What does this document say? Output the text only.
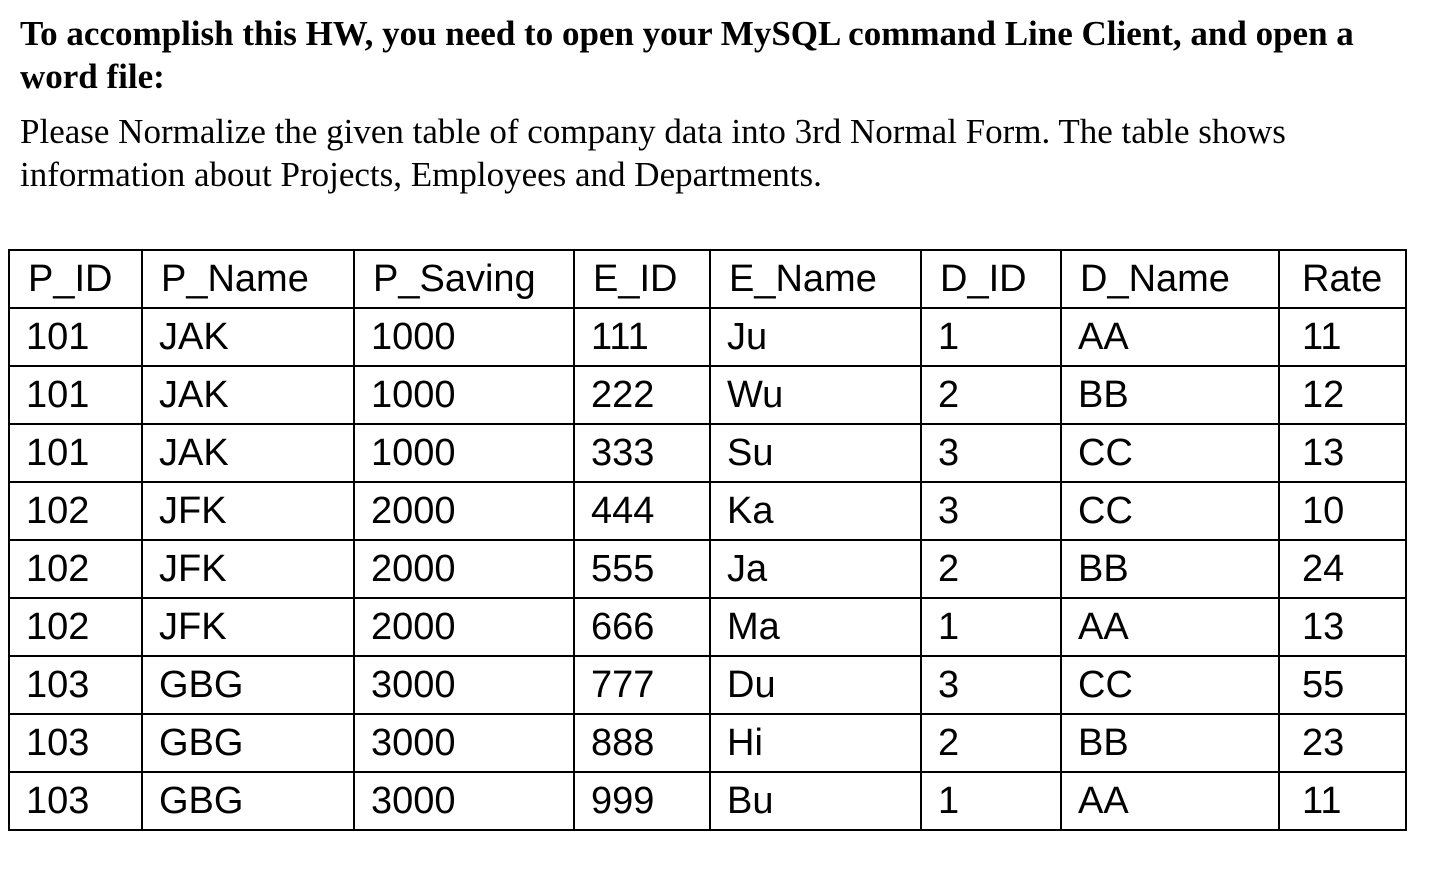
To accomplish this HW, you need to open your MySQL command Line Client, and open a word file:

Please Normalize the given table of company data into 3rd Normal Form. The table shows information about Projects, Employees and Departments.

P_ID	P_Name	P_Saving	E_ID	E_Name	D_ID	D_Name	Rate
101	JAK	1000	111	Ju	1	AA	11
101	JAK	1000	222	Wu	2	BB	12
101	JAK	1000	333	Su	3	CC	13
102	JFK	2000	444	Ka	3	CC	10
102	JFK	2000	555	Ja	2	BB	24
102	JFK	2000	666	Ma	1	AA	13
103	GBG	3000	777	Du	3	CC	55
103	GBG	3000	888	Hi	2	BB	23
103	GBG	3000	999	Bu	1	AA	11
